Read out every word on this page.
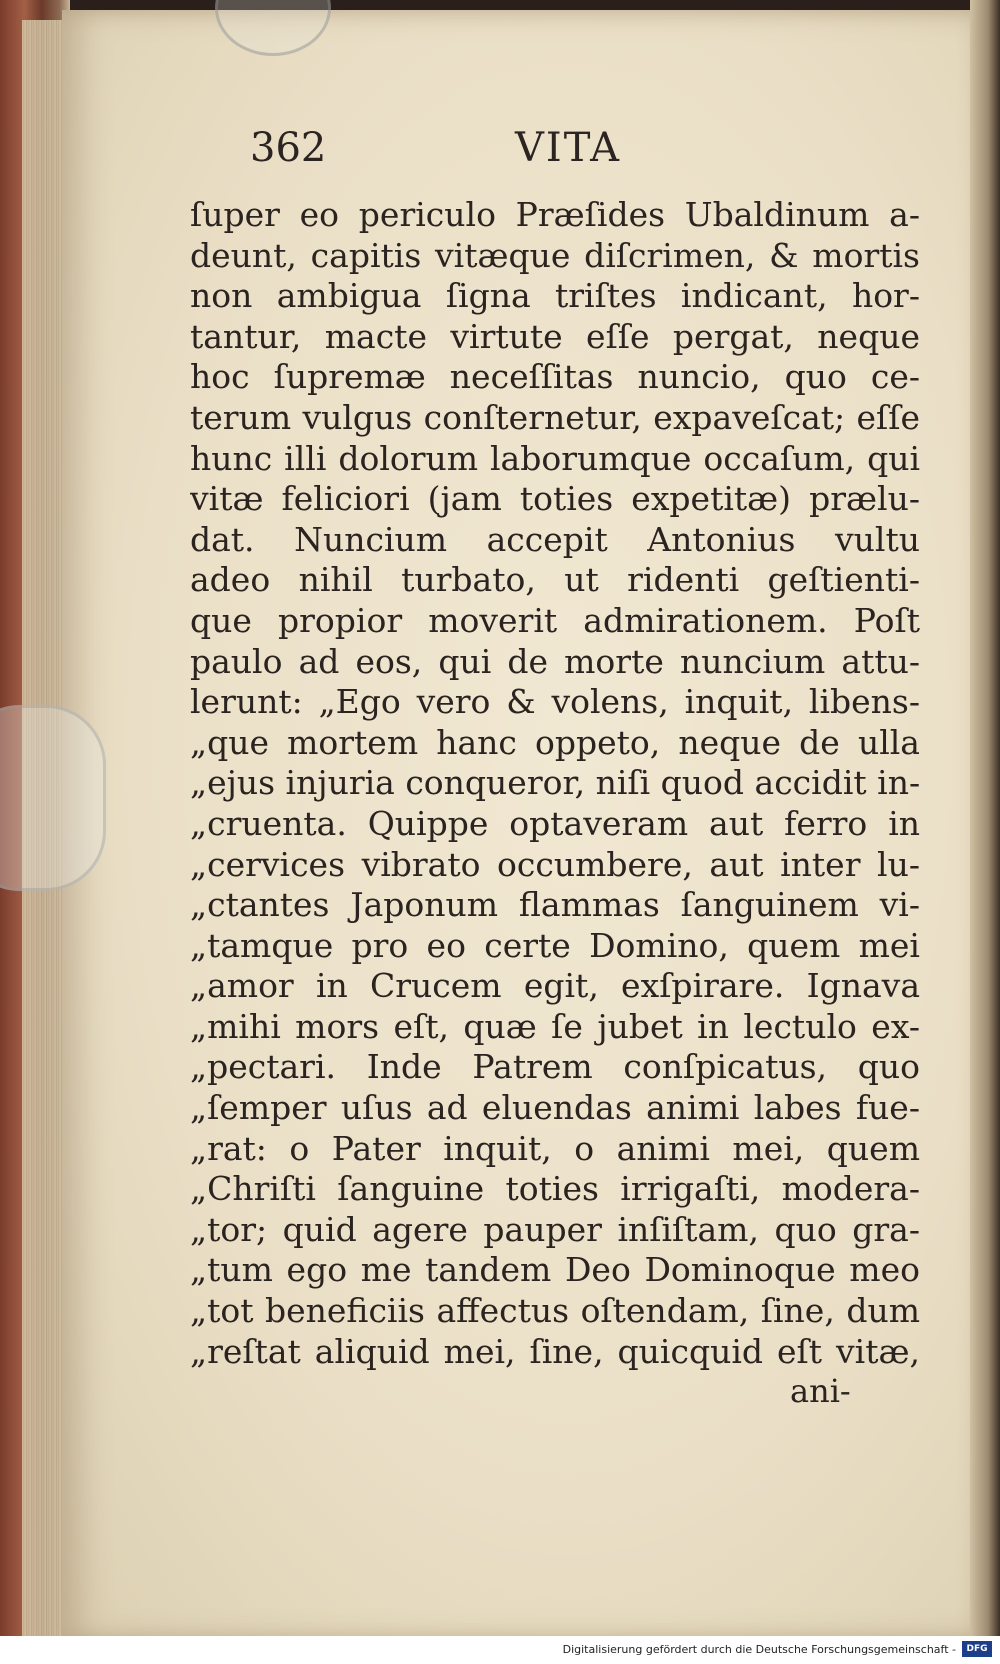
362	VITA
ſuper eo periculo Præſides Ubaldinum a-
deunt, capitis vitæque diſcrimen, & mortis
non ambigua ſigna triſtes indicant, hor-
tantur, macte virtute eſſe pergat, neque
hoc ſupremæ neceſſitas nuncio, quo ce-
terum vulgus conſternetur, expaveſcat; eſſe
hunc illi dolorum laborumque occaſum, qui
vitæ feliciori (jam toties expetitæ) prælu-
dat. Nuncium accepit Antonius vultu
adeo nihil turbato, ut ridenti geſtienti-
que propior moverit admirationem. Poſt
paulo ad eos, qui de morte nuncium attu-
lerunt: „Ego vero & volens, inquit, libens-
„que mortem hanc oppeto, neque de ulla
„ejus injuria conqueror, niſi quod accidit in-
„cruenta. Quippe optaveram aut ferro in
„cervices vibrato occumbere, aut inter lu-
„ctantes Japonum flammas ſanguinem vi-
„tamque pro eo certe Domino, quem mei
„amor in Crucem egit, exſpirare. Ignava
„mihi mors eſt, quæ ſe jubet in lectulo ex-
„pectari. Inde Patrem conſpicatus, quo
„ſemper uſus ad eluendas animi labes fue-
„rat: o Pater inquit, o animi mei, quem
„Chriſti ſanguine toties irrigaſti, modera-
„tor; quid agere pauper inſiſtam, quo gra-
„tum ego me tandem Deo Dominoque meo
„tot beneficiis affectus oſtendam, ſine, dum
„reſtat aliquid mei, ſine, quicquid eſt vitæ,
ani-
Digitalisierung gefördert durch die Deutsche Forschungsgemeinschaft -	DFG
